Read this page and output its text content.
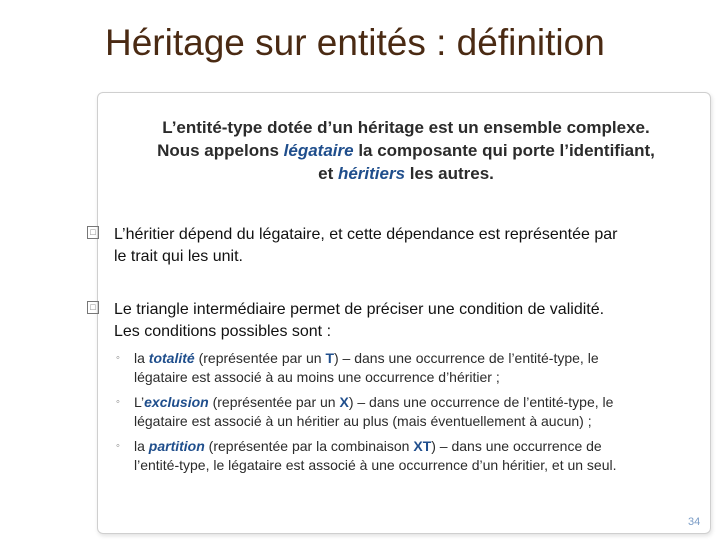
Héritage sur entités : définition
L’entité-type dotée d’un héritage est un ensemble complexe.
Nous appelons légataire la composante qui porte l’identifiant,
et héritiers les autres.
□ L’héritier dépend du légataire, et cette dépendance est représentée par
le trait qui les unit.
□ Le triangle intermédiaire permet de préciser une condition de validité.
Les conditions possibles sont :
◦ la totalité (représentée par un T) – dans une occurrence de l’entité-type, le
légataire est associé à au moins une occurrence d’héritier ;
◦ L’exclusion (représentée par un X) – dans une occurrence de l’entité-type, le
légataire est associé à un héritier au plus (mais éventuellement à aucun) ;
◦ la partition (représentée par la combinaison XT) – dans une occurrence de
l’entité-type, le légataire est associé à une occurrence d’un héritier, et un seul.
34
